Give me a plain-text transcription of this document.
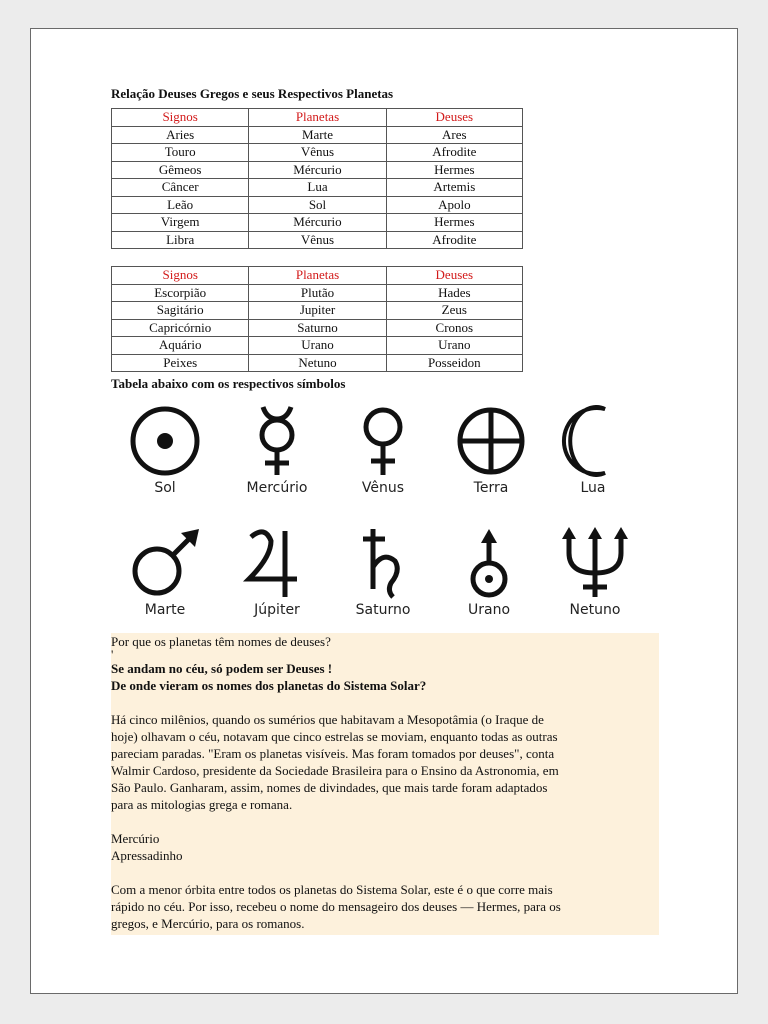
Relação Deuses Gregos e seus Respectivos Planetas
Signos	Planetas	Deuses
Aries	Marte	Ares
Touro	Vênus	Afrodite
Gêmeos	Mércurio	Hermes
Câncer	Lua	Artemis
Leão	Sol	Apolo
Virgem	Mércurio	Hermes
Libra	Vênus	Afrodite
Signos	Planetas	Deuses
Escorpião	Plutão	Hades
Sagitário	Jupiter	Zeus
Capricórnio	Saturno	Cronos
Aquário	Urano	Urano
Peixes	Netuno	Posseidon
Tabela abaixo com os respectivos símbolos
Sol	Mercúrio	Vênus	Terra	Lua
Marte	Júpiter	Saturno	Urano	Netuno

Por que os planetas têm nomes de deuses?

'

Se andam no céu, só podem ser Deuses !

De onde vieram os nomes dos planetas do Sistema Solar?

Há cinco milênios, quando os sumérios que habitavam a Mesopotâmia (o Iraque de

hoje) olhavam o céu, notavam que cinco estrelas se moviam, enquanto todas as outras

pareciam paradas. "Eram os planetas visíveis. Mas foram tomados por deuses", conta

Walmir Cardoso, presidente da Sociedade Brasileira para o Ensino da Astronomia, em

São Paulo. Ganharam, assim, nomes de divindades, que mais tarde foram adaptados

para as mitologias grega e romana.

Mercúrio

Apressadinho

Com a menor órbita entre todos os planetas do Sistema Solar, este é o que corre mais

rápido no céu. Por isso, recebeu o nome do mensageiro dos deuses — Hermes, para os

gregos, e Mercúrio, para os romanos.
